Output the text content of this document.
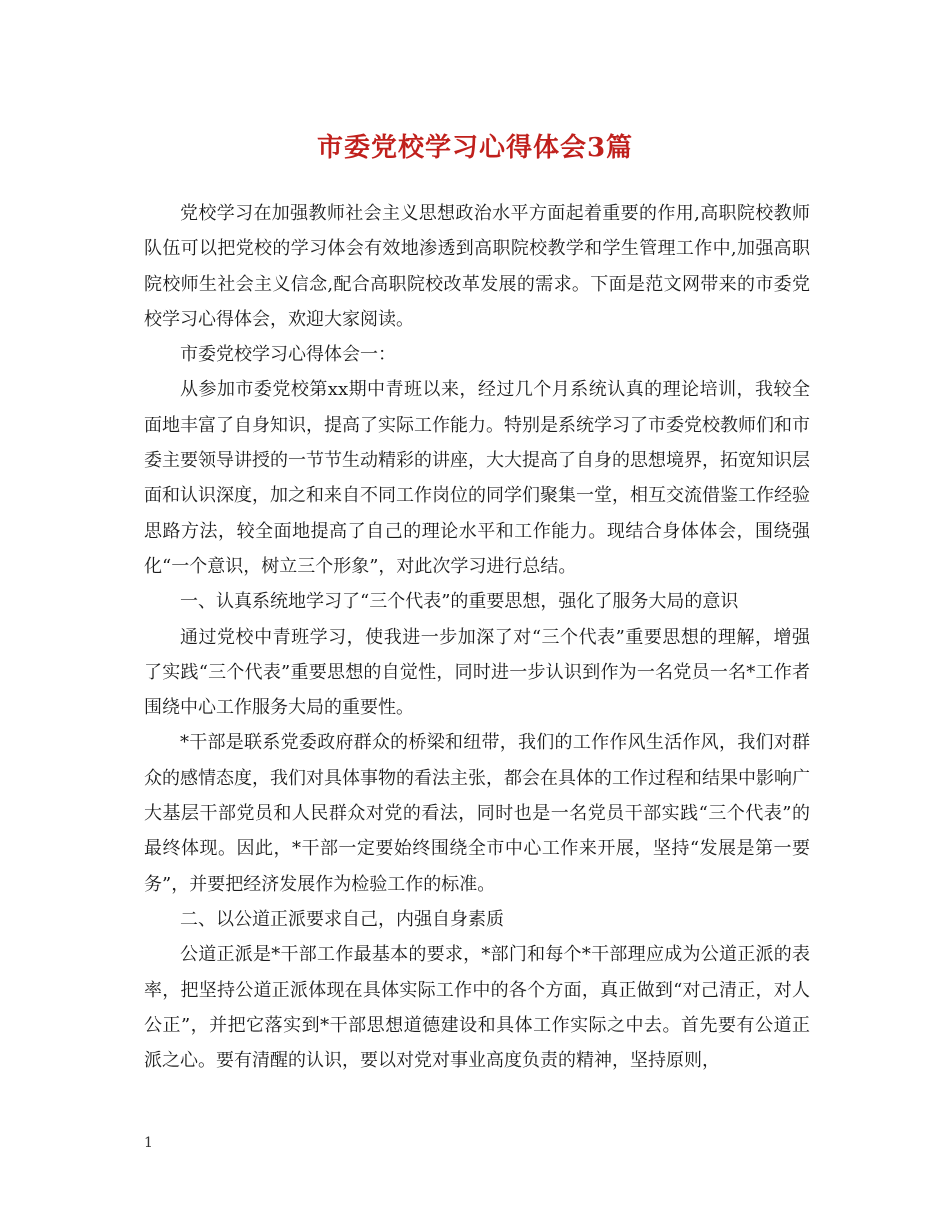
市委党校学习心得体会3篇

党校学习在加强教师社会主义思想政治水平方面起着重要的作用,高职院校教师队伍可以把党校的学习体会有效地渗透到高职院校教学和学生管理工作中,加强高职院校师生社会主义信念,配合高职院校改革发展的需求。下面是范文网带来的市委党校学习心得体会，欢迎大家阅读。

市委党校学习心得体会一：

从参加市委党校第xx期中青班以来，经过几个月系统认真的理论培训，我较全面地丰富了自身知识，提高了实际工作能力。特别是系统学习了市委党校教师们和市委主要领导讲授的一节节生动精彩的讲座，大大提高了自身的思想境界，拓宽知识层面和认识深度，加之和来自不同工作岗位的同学们聚集一堂，相互交流借鉴工作经验思路方法，较全面地提高了自己的理论水平和工作能力。现结合身体体会，围绕强化“一个意识，树立三个形象”，对此次学习进行总结。

一、认真系统地学习了“三个代表”的重要思想，强化了服务大局的意识

通过党校中青班学习，使我进一步加深了对“三个代表”重要思想的理解，增强了实践“三个代表”重要思想的自觉性，同时进一步认识到作为一名党员一名*工作者围绕中心工作服务大局的重要性。

*干部是联系党委政府群众的桥梁和纽带，我们的工作作风生活作风，我们对群众的感情态度，我们对具体事物的看法主张，都会在具体的工作过程和结果中影响广大基层干部党员和人民群众对党的看法，同时也是一名党员干部实践“三个代表”的最终体现。因此，*干部一定要始终围绕全市中心工作来开展，坚持“发展是第一要务”，并要把经济发展作为检验工作的标准。

二、以公道正派要求自己，内强自身素质

公道正派是*干部工作最基本的要求，*部门和每个*干部理应成为公道正派的表率，把坚持公道正派体现在具体实际工作中的各个方面，真正做到“对己清正，对人公正”，并把它落实到*干部思想道德建设和具体工作实际之中去。首先要有公道正派之心。要有清醒的认识，要以对党对事业高度负责的精神，坚持原则，

1
